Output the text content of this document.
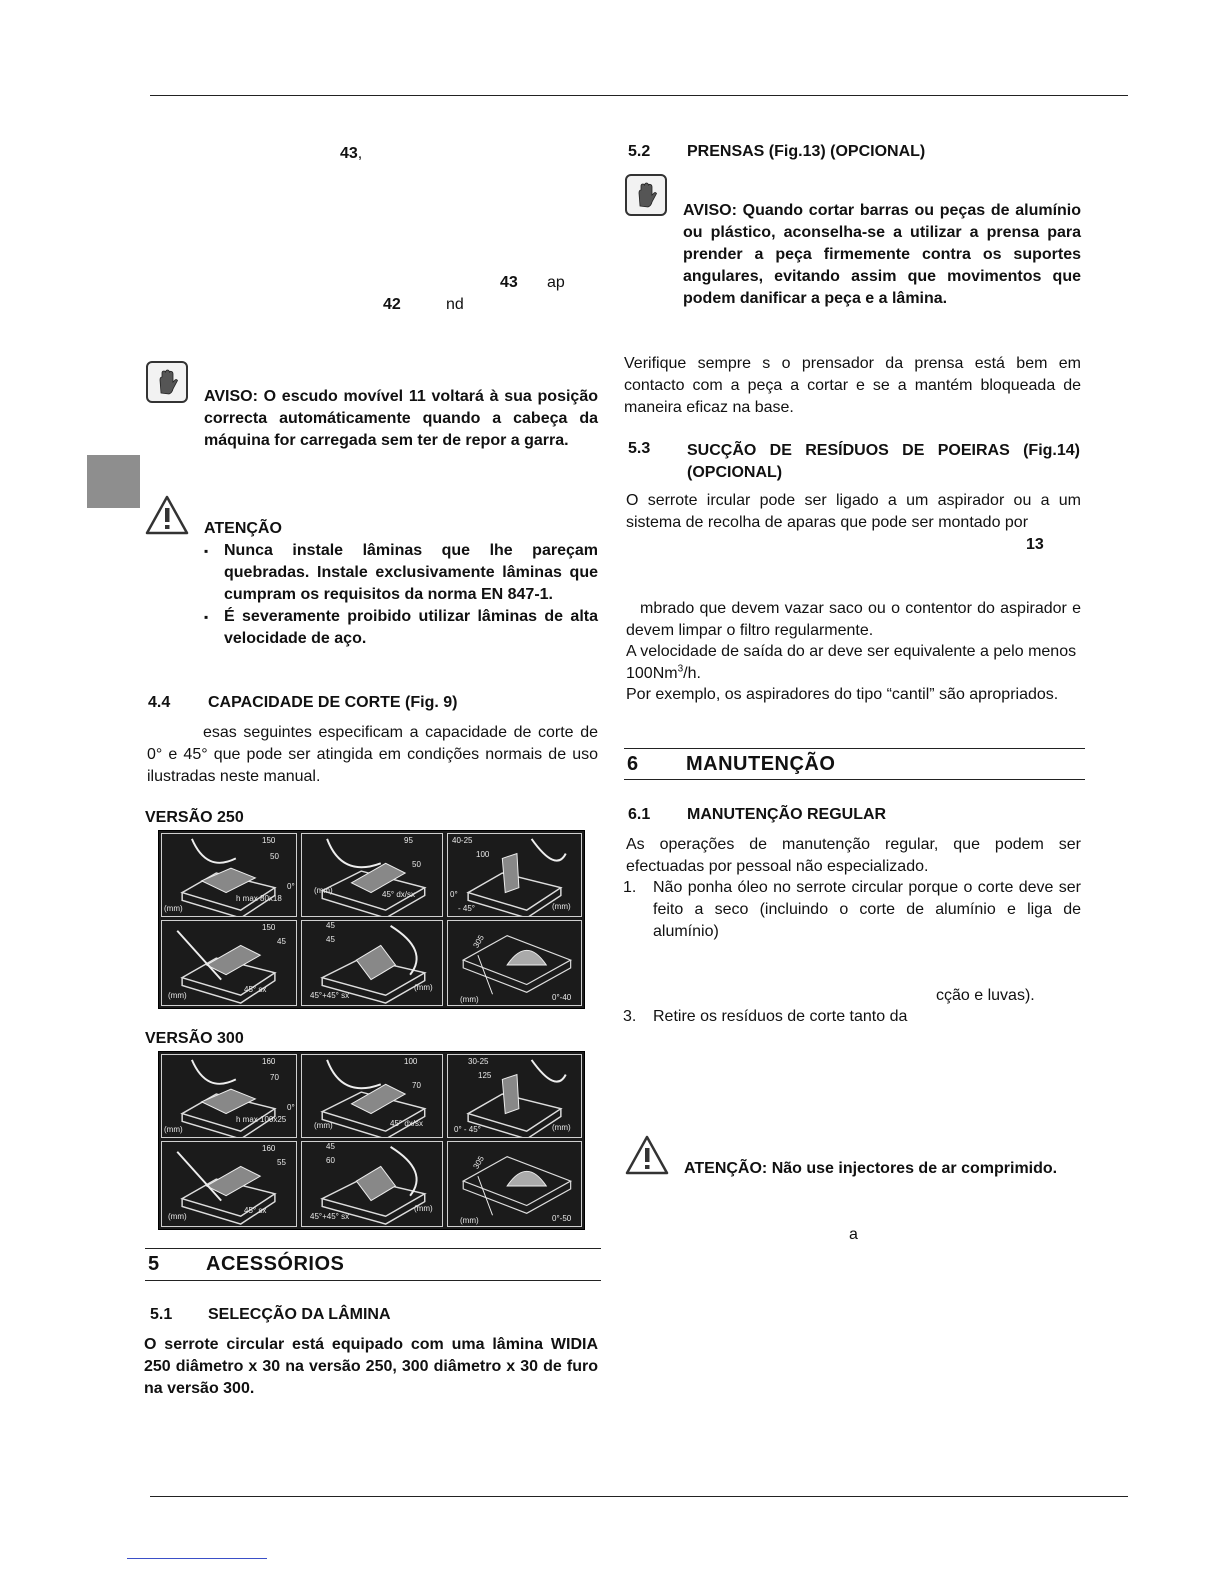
43,
43 ap
42	nd
AVISO: O escudo movível 11 voltará à sua posição correcta automáticamente quando a cabeça da máquina for carregada sem ter de repor a garra.
ATENÇÃO
▪ Nunca instale lâminas que lhe pareçam quebradas. Instale exclusivamente lâminas que cumpram os requisitos da norma EN 847-1.
▪ É severamente proibido utilizar lâminas de alta velocidade de aço.
4.4 CAPACIDADE DE CORTE (Fig. 9)
esas seguintes especificam a capacidade de corte de 0° e 45° que pode ser atingida em condições normais de uso ilustradas neste manual.
VERSÃO 250
150
50
0°
h max 80x18
(mm)
95
50
(mm)	45° dx/sx
40-25
100
0°
- 45°	(mm)
150
45
(mm)
45° sx
45
45
45°+45° sx
(mm)
305
(mm)	0°-40
VERSÃO 300
160
70
0°
h max 100x25
(mm)
100
70
(mm)	45° dx/sx
30-25
125
0° - 45°	(mm)
160
55
(mm)
45° sx
45
60
45°+45° sx
(mm)
305
(mm)	0°-50
5 ACESSÓRIOS
5.1 SELECÇÃO DA LÂMINA
O serrote circular está equipado com uma lâmina WIDIA 250 diâmetro x 30 na versão 250, 300 diâmetro x 30 de furo na versão 300.
5.2 PRENSAS (Fig.13) (OPCIONAL)
AVISO: Quando cortar barras ou peças de alumínio ou plástico, aconselha-se a utilizar a prensa para prender a peça firmemente contra os suportes angulares, evitando assim que movimentos que podem danificar a peça e a lâmina.
Verifique sempre s o prensador da prensa está bem em contacto com a peça a cortar e se a mantém bloqueada de maneira eficaz na base.
5.3 SUCÇÃO DE RESÍDUOS DE POEIRAS (Fig.14) (OPCIONAL)
O serrote ircular pode ser ligado a um aspirador ou a um sistema de recolha de aparas que pode ser montado por
13
mbrado que devem vazar saco ou o contentor do aspirador e devem limpar o filtro regularmente.
A velocidade de saída do ar deve ser equivalente a pelo menos 100Nm$^3$/h.
Por exemplo, os aspiradores do tipo “cantil” são apropriados.
6 MANUTENÇÃO
6.1 MANUTENÇÃO REGULAR
As operações de manutenção regular, que podem ser efectuadas por pessoal não especializado.
1. Não ponha óleo no serrote circular porque o corte deve ser feito a seco (incluindo o corte de alumínio e liga de alumínio)
cção e luvas).
3. Retire os resíduos de corte tanto da
ATENÇÃO: Não use injectores de ar comprimido.
a
